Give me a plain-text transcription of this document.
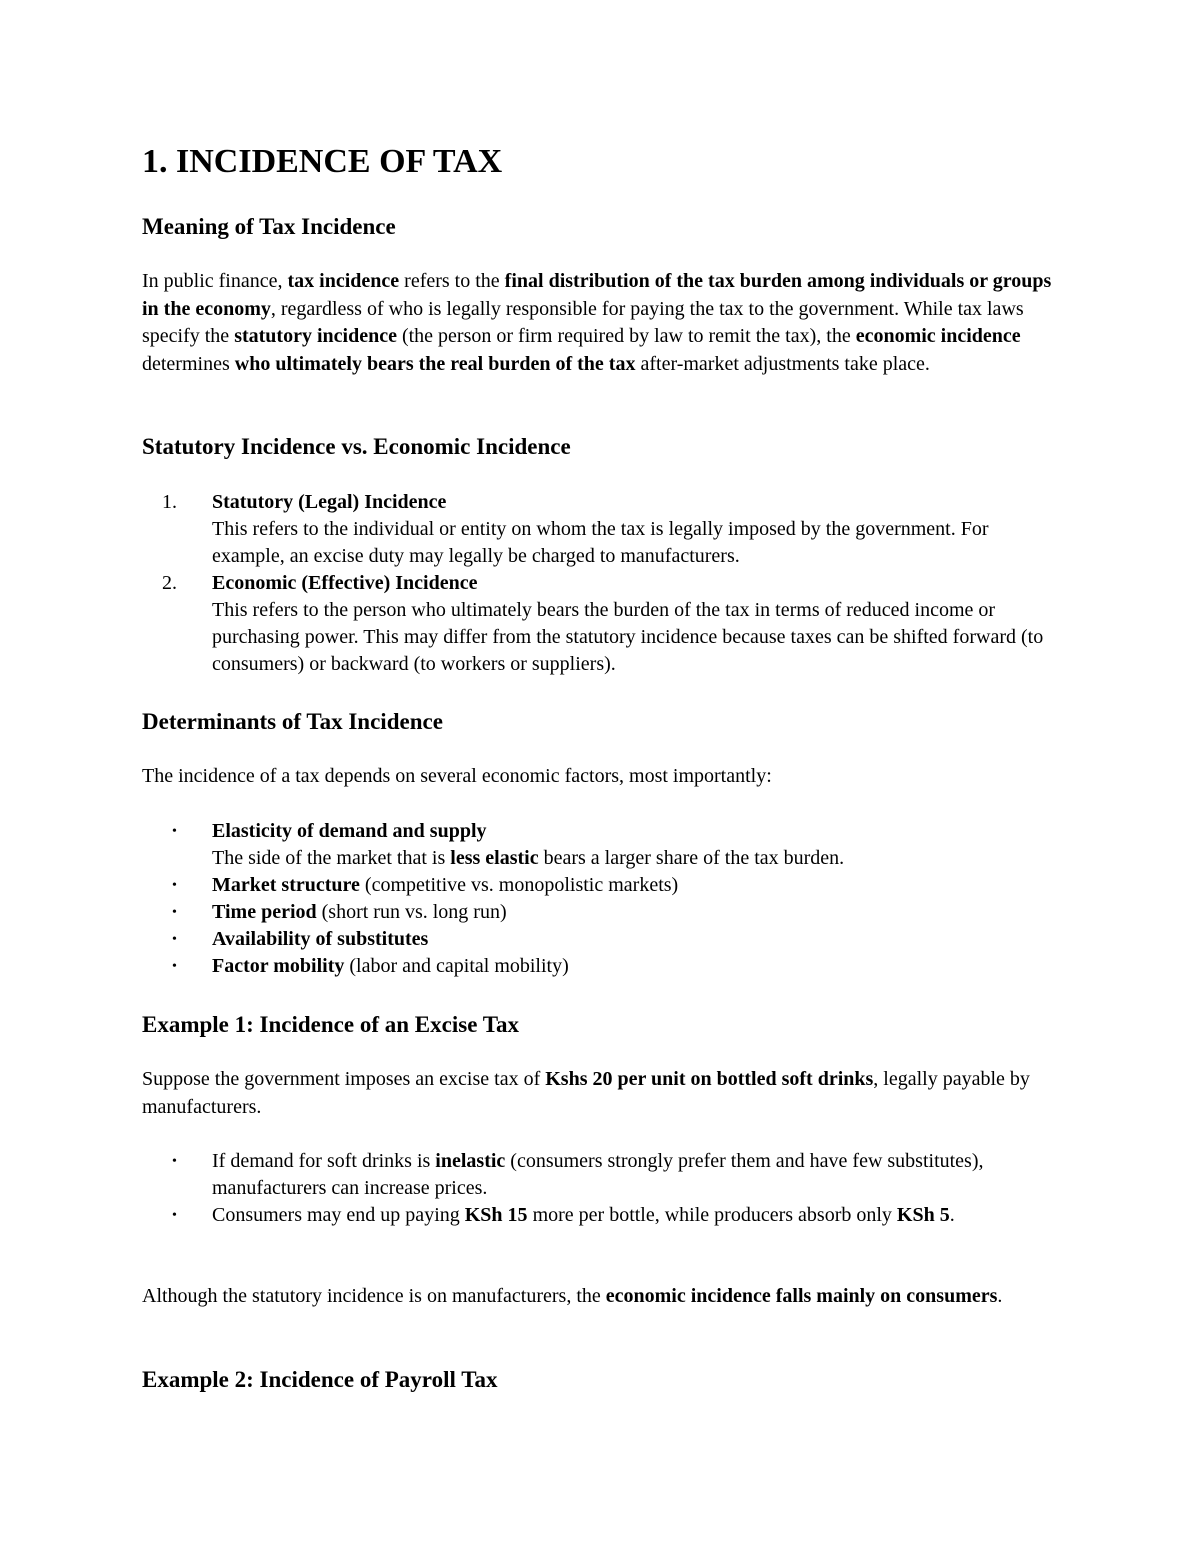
1. INCIDENCE OF TAX
Meaning of Tax Incidence

In public finance, tax incidence refers to the final distribution of the tax burden among individuals or groups in the economy, regardless of who is legally responsible for paying the tax to the government. While tax laws specify the statutory incidence (the person or firm required by law to remit the tax), the economic incidence determines who ultimately bears the real burden of the tax after-market adjustments take place.

Statutory Incidence vs. Economic Incidence
1. Statutory (Legal) Incidence
This refers to the individual or entity on whom the tax is legally imposed by the government. For example, an excise duty may legally be charged to manufacturers.
2. Economic (Effective) Incidence
This refers to the person who ultimately bears the burden of the tax in terms of reduced income or purchasing power. This may differ from the statutory incidence because taxes can be shifted forward (to consumers) or backward (to workers or suppliers).
Determinants of Tax Incidence

The incidence of a tax depends on several economic factors, most importantly:

• Elasticity of demand and supply
The side of the market that is less elastic bears a larger share of the tax burden.
• Market structure (competitive vs. monopolistic markets)
• Time period (short run vs. long run)
• Availability of substitutes
• Factor mobility (labor and capital mobility)
Example 1: Incidence of an Excise Tax

Suppose the government imposes an excise tax of Kshs 20 per unit on bottled soft drinks, legally payable by manufacturers.

• If demand for soft drinks is inelastic (consumers strongly prefer them and have few substitutes), manufacturers can increase prices.
• Consumers may end up paying KSh 15 more per bottle, while producers absorb only KSh 5.

Although the statutory incidence is on manufacturers, the economic incidence falls mainly on consumers.

Example 2: Incidence of Payroll Tax
